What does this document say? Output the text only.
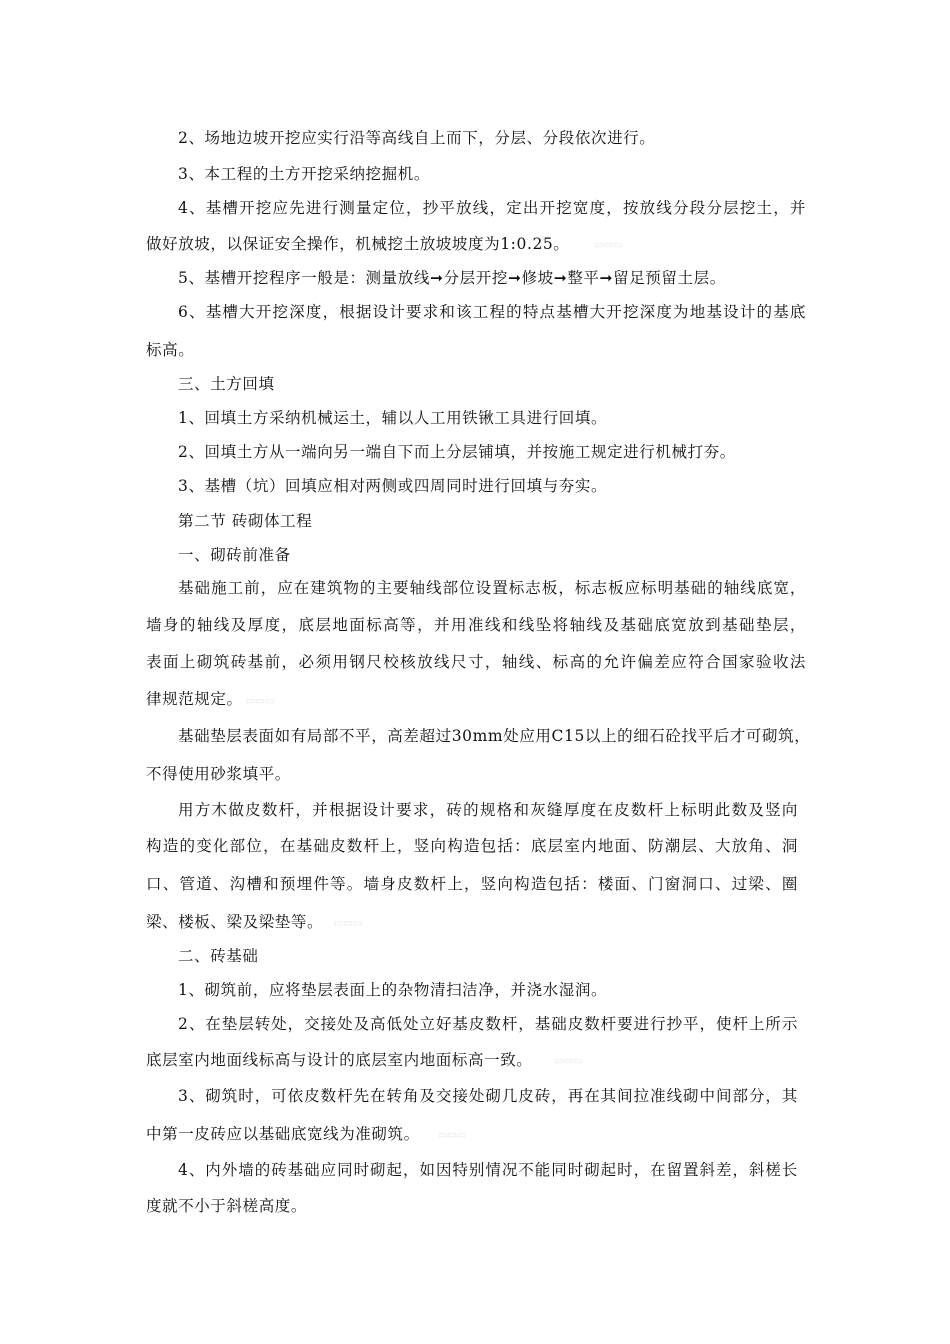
2、场地边坡开挖应实行沿等高线自上而下，分层、分段依次进行。
3、本工程的土方开挖采纳挖掘机。
4、基槽开挖应先进行测量定位，抄平放线，定出开挖宽度，按放线分段分层挖土，并
做好放坡，以保证安全操作，机械挖土放坡坡度为1:0.25。
5、基槽开挖程序一般是：测量放线➞分层开挖➞修坡➞整平➞留足预留土层。
6、基槽大开挖深度，根据设计要求和该工程的特点基槽大开挖深度为地基设计的基底
标高。
三、土方回填
1、回填土方采纳机械运土，辅以人工用铁锹工具进行回填。
2、回填土方从一端向另一端自下而上分层铺填，并按施工规定进行机械打夯。
3、基槽（坑）回填应相对两侧或四周同时进行回填与夯实。
第二节 砖砌体工程
一、砌砖前准备
基础施工前，应在建筑物的主要轴线部位设置标志板，标志板应标明基础的轴线底宽，
墙身的轴线及厚度，底层地面标高等，并用准线和线坠将轴线及基础底宽放到基础垫层，
表面上砌筑砖基前，必须用钢尺校核放线尺寸，轴线、标高的允许偏差应符合国家验收法
律规范规定。
基础垫层表面如有局部不平，高差超过30mm处应用C15以上的细石砼找平后才可砌筑，
不得使用砂浆填平。
用方木做皮数杆，并根据设计要求，砖的规格和灰缝厚度在皮数杆上标明此数及竖向
构造的变化部位，在基础皮数杆上，竖向构造包括：底层室内地面、防潮层、大放角、洞
口、管道、沟槽和预埋件等。墙身皮数杆上，竖向构造包括：楼面、门窗洞口、过梁、圈
梁、楼板、梁及梁垫等。
二、砖基础
1、砌筑前，应将垫层表面上的杂物清扫洁净，并浇水湿润。
2、在垫层转处，交接处及高低处立好基皮数杆，基础皮数杆要进行抄平，使杆上所示
底层室内地面线标高与设计的底层室内地面标高一致。
3、砌筑时，可依皮数杆先在转角及交接处砌几皮砖，再在其间拉准线砌中间部分，其
中第一皮砖应以基础底宽线为准砌筑。
4、内外墙的砖基础应同时砌起，如因特别情况不能同时砌起时，在留置斜差，斜槎长
度就不小于斜槎高度。
▭▭▭
▭▭▭
▭▭▭
▭▭▭
▭▭▭
